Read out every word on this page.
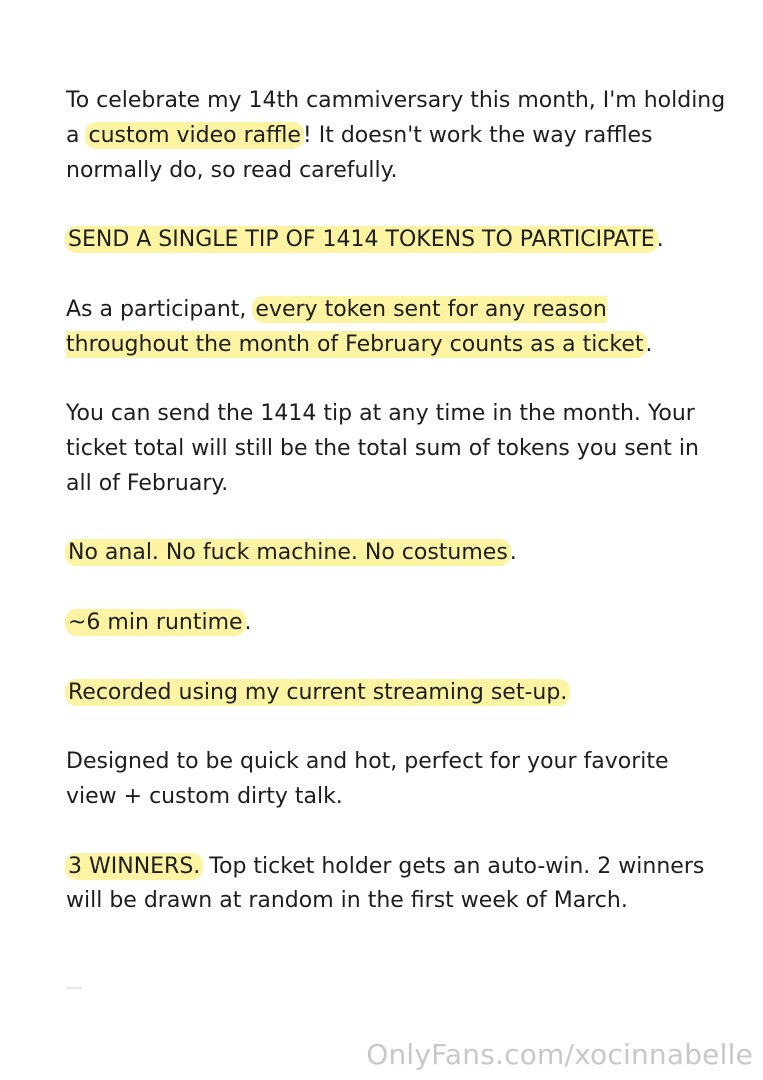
To celebrate my 14th cammiversary this month, I'm holding a custom video raffle! It doesn't work the way raffles normally do, so read carefully.

SEND A SINGLE TIP OF 1414 TOKENS TO PARTICIPATE.

As a participant, every token sent for any reason throughout the month of February counts as a ticket.

You can send the 1414 tip at any time in the month. Your ticket total will still be the total sum of tokens you sent in all of February.

No anal. No fuck machine. No costumes.

~6 min runtime.

Recorded using my current streaming set-up.

Designed to be quick and hot, perfect for your favorite view + custom dirty talk.

3 WINNERS. Top ticket holder gets an auto-win. 2 winners will be drawn at random in the first week of March.

OnlyFans.com/xocinnabelle
